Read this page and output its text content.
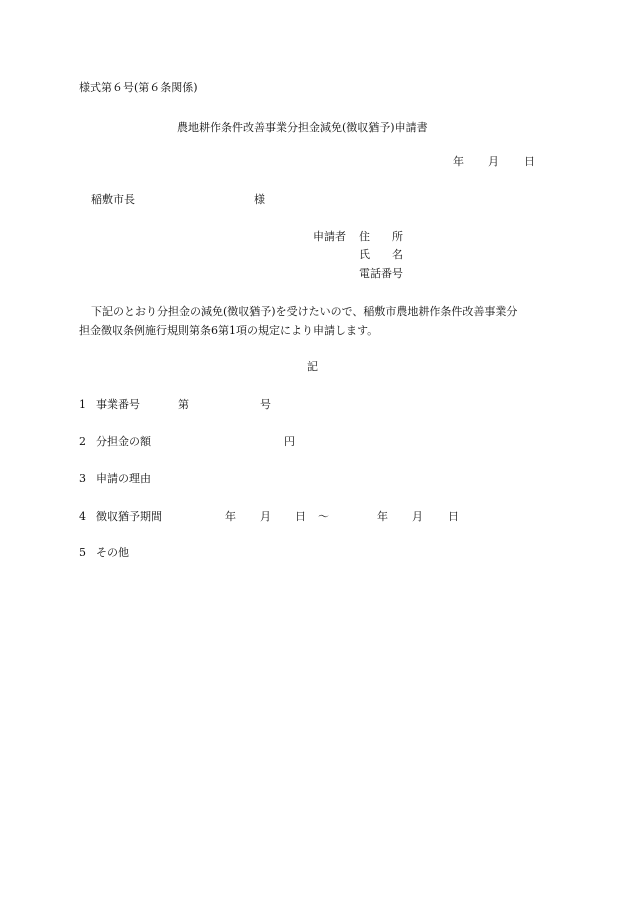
様式第６号(第６条関係)
農地耕作条件改善事業分担金減免(徴収猶予)申請書
年 月 日
稲敷市長	様
申請者 住　　所
氏　　名
電話番号
下記のとおり分担金の減免(徴収猶予)を受けたいので、稲敷市農地耕作条件改善事業分
担金徴収条例施行規則第条6第1項の規定により申請します。
記
1 事業番号	第	号
2 分担金の額	円
3 申請の理由
4 徴収猶予期間	年 月 日 ～	年 月 日
5 その他
